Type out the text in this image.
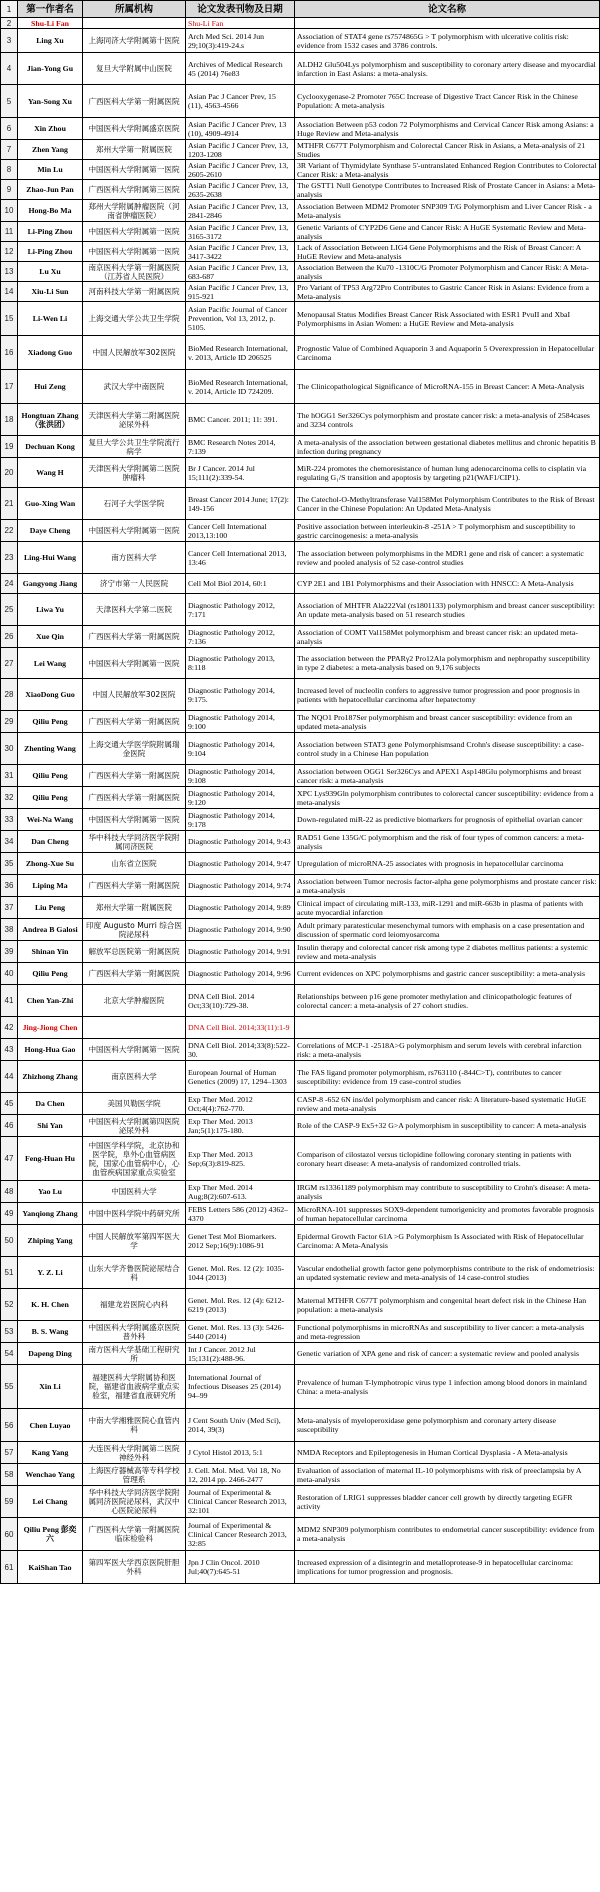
1	第一作者名	所属机构	论文发表刊物及日期	论文名称
2	Shu-Li Fan		Shu-Li Fan	
3	Ling Xu	上海同济大学附属第十医院	Arch Med Sci. 2014 Jun 29;10(3):419-24.s	Association of STAT4 gene rs7574865G > T polymorphism with ulcerative colitis risk: evidence from 1532 cases and 3786 controls.
4	Jian-Yong Gu	复旦大学附属中山医院	Archives of Medical Research 45 (2014) 76e83	ALDH2 Glu504Lys polymorphism and susceptibility to coronary artery disease and myocardial infarction in East Asians: a meta-analysis.
5	Yan-Song Xu	广西医科大学第一附属医院	Asian Pac J Cancer Prev, 15 (11), 4563-4566	Cyclooxygenase-2 Promoter 765C Increase of Digestive Tract Cancer Risk in the Chinese Population: A meta-analysis
6	Xin Zhou	中国医科大学附属盛京医院	Asian Pacific J Cancer Prev, 13 (10), 4909-4914	Association Between p53 codon 72 Polymorphisms and Cervical Cancer Risk among Asians: a Huge Review and Meta-analysis
7	Zhen Yang	郑州大学第一附属医院	Asian Pacific J Cancer Prev, 13, 1203-1208	MTHFR C677T Polymorphism and Colorectal Cancer Risk in Asians, a Meta-analysis of 21 Studies
8	Min Lu	中国医科大学附属第一医院	Asian Pacific J Cancer Prev, 13, 2605-2610	3R Variant of Thymidylate Synthase 5'-untranslated Enhanced Region Contributes to Colorectal Cancer Risk: a Meta-analysis
9	Zhao-Jun Pan	广西医科大学附属第三医院	Asian Pacific J Cancer Prev, 13, 2635-2638	The GSTT1 Null Genotype Contributes to Increased Risk of Prostate Cancer in Asians: a Meta-analysis
10	Hong-Bo Ma	郑州大学附属肿瘤医院（河南省肿瘤医院）	Asian Pacific J Cancer Prev, 13, 2841-2846	Association Between MDM2 Promoter SNP309 T/G Polymorphism and Liver Cancer Risk - a Meta-analysis
11	Li-Ping Zhou	中国医科大学附属第一医院	Asian Pacific J Cancer Prev, 13, 3165-3172	Genetic Variants of CYP2D6 Gene and Cancer Risk: A HuGE Systematic Review and Meta-analysis
12	Li-Ping Zhou	中国医科大学附属第一医院	Asian Pacific J Cancer Prev, 13, 3417-3422	Lack of Association Between LIG4 Gene Polymorphisms and the Risk of Breast Cancer: A HuGE Review and Meta-analysis
13	Lu Xu	南京医科大学第一附属医院（江苏省人民医院）	Asian Pacific J Cancer Prev, 13, 683-687	Association Between the Ku70 -1310C/G Promoter Polymorphism and Cancer Risk: A Meta-analysis
14	Xiu-Li Sun	河南科技大学第一附属医院	Asian Pacific J Cancer Prev, 13, 915-921	Pro Variant of TP53 Arg72Pro Contributes to Gastric Cancer Risk in Asians: Evidence from a Meta-analysis
15	Li-Wen Li	上海交通大学公共卫生学院	Asian Pacific Journal of Cancer Prevention, Vol 13, 2012, p. 5105.	Menopausal Status Modifies Breast Cancer Risk Associated with ESR1 PvuII and XbaI Polymorphisms in Asian Women: a HuGE Review and Meta-analysis
16	Xiadong Guo	中国人民解放军302医院	BioMed Research International, v. 2013, Article ID 206525	Prognostic Value of Combined Aquaporin 3 and Aquaporin 5 Overexpression in Hepatocellular Carcinoma
17	Hui Zeng	武汉大学中南医院	BioMed Research International, v. 2014, Article ID 724209.	The Clinicopathological Significance of MicroRNA-155 in Breast Cancer: A Meta-Analysis
18	Hongtuan Zhang（张洪团）	天津医科大学第二附属医院泌尿外科	BMC Cancer. 2011; 11: 391.	The hOGG1 Ser326Cys polymorphism and prostate cancer risk: a meta-analysis of 2584cases and 3234 controls
19	Dechuan Kong	复旦大学公共卫生学院流行病学	BMC Research Notes 2014, 7:139	A meta-analysis of the association between gestational diabetes mellitus and chronic hepatitis B infection during pregnancy
20	Wang H	天津医科大学附属第二医院肿瘤科	Br J Cancer. 2014 Jul 15;111(2):339-54.	MiR-224 promotes the chemoresistance of human lung adenocarcinoma cells to cisplatin via regulating G₁/S transition and apoptosis by targeting p21(WAF1/CIP1).
21	Guo-Xing Wan	石河子大学医学院	Breast Cancer 2014 June; 17(2): 149-156	The Catechol-O-Methyltransferase Val158Met Polymorphism Contributes to the Risk of Breast Cancer in the Chinese Population: An Updated Meta-Analysis
22	Daye Cheng	中国医科大学附属第一医院	Cancer Cell International 2013,13:100	Positive association between interleukin-8 -251A > T polymorphism and susceptibility to gastric carcinogenesis: a meta-analysis
23	Ling-Hui Wang	南方医科大学	Cancer Cell International 2013, 13:46	The association between polymorphisms in the MDR1 gene and risk of cancer: a systematic review and pooled analysis of 52 case-control studies
24	Gangyong Jiang	济宁市第一人民医院	Cell Mol Biol 2014, 60:1	CYP 2E1 and 1B1 Polymorphisms and their Association with HNSCC: A Meta-Analysis
25	Liwa Yu	天津医科大学第二医院	Diagnostic Pathology 2012, 7:171	Association of MHTFR Ala222Val (rs1801133) polymorphism and breast cancer susceptibility: An update meta-analysis based on 51 research studies
26	Xue Qin	广西医科大学第一附属医院	Diagnostic Pathology 2012, 7:136	Association of COMT Val158Met polymorphism and breast cancer risk: an updated meta-analysis
27	Lei Wang	中国医科大学附属第一医院	Diagnostic Pathology 2013, 8:118	The association between the PPARγ2 Pro12Ala polymorphism and nephropathy susceptibility in type 2 diabetes: a meta-analysis based on 9,176 subjects
28	XiaoDong Guo	中国人民解放军302医院	Diagnostic Pathology 2014, 9:175.	Increased level of nucleolin confers to aggressive tumor progression and poor prognosis in patients with hepatocellular carcinoma after hepatectomy
29	Qiliu Peng	广西医科大学第一附属医院	Diagnostic Pathology 2014, 9:100	The NQO1 Pro187Ser polymorphism and breast cancer susceptibility: evidence from an updated meta-analysis
30	Zhenting Wang	上海交通大学医学院附属瑞金医院	Diagnostic Pathology 2014, 9:104	Association between STAT3 gene Polymorphismsand Crohn's disease susceptibility: a case-control study in a Chinese Han population
31	Qiliu Peng	广西医科大学第一附属医院	Diagnostic Pathology 2014, 9:108	Association between OGG1 Ser326Cys and APEX1 Asp148Glu polymorphisms and breast cancer risk: a meta-analysis
32	Qiliu Peng	广西医科大学第一附属医院	Diagnostic Pathology 2014, 9:120	XPC Lys939Gln polymorphism contributes to colorectal cancer susceptibility: evidence from a meta-analysis
33	Wei-Na Wang	中国医科大学附属第一医院	Diagnostic Pathology 2014, 9:178	Down-regulated miR-22 as predictive biomarkers for prognosis of epithelial ovarian cancer
34	Dan Cheng	华中科技大学同济医学院附属同济医院	Diagnostic Pathology 2014, 9:43	RAD51 Gene 135G/C polymorphism and the risk of four types of common cancers: a meta-analysis
35	Zhong-Xue Su	山东省立医院	Diagnostic Pathology 2014, 9:47	Upregulation of microRNA-25 associates with prognosis in hepatocellular carcinoma
36	Liping Ma	广西医科大学第一附属医院	Diagnostic Pathology 2014, 9:74	Association between Tumor necrosis factor-alpha gene polymorphisms and prostate cancer risk: a meta-analysis
37	Liu Peng	郑州大学第一附属医院	Diagnostic Pathology 2014, 9:89	Clinical impact of circulating miR-133, miR-1291 and miR-663b in plasma of patients with acute myocardial infarction
38	Andrea B Galosi	印度 Augusto Murri 综合医院泌尿科	Diagnostic Pathology 2014, 9:90	Adult primary paratesticular mesenchymal tumors with emphasis on a case presentation and discussion of spermatic cord leiomyosarcoma
39	Shinan Yin	解放军总医院第一附属医院	Diagnostic Pathology 2014, 9:91	Insulin therapy and colorectal cancer risk among type 2 diabetes mellitus patients: a systemic review and meta-analysis
40	Qiliu Peng	广西医科大学第一附属医院	Diagnostic Pathology 2014, 9:96	Current evidences on XPC polymorphisms and gastric cancer susceptibility: a meta-analysis
41	Chen Yan-Zhi	北京大学肿瘤医院	DNA Cell Biol. 2014 Oct;33(10):729-38.	Relationships between p16 gene promoter methylation and clinicopathologic features of colorectal cancer: a meta-analysis of 27 cohort studies.
42	Jing-Jiong Chen		DNA Cell Biol. 2014;33(11):1-9	
43	Hong-Hua Gao	中国医科大学附属第一医院	DNA Cell Biol. 2014;33(8):522-30.	Correlations of MCP-1 -2518A>G polymorphism and serum levels with cerebral infarction risk: a meta-analysis
44	Zhizhong Zhang	南京医科大学	European Journal of Human Genetics (2009) 17, 1294–1303	The FAS ligand promoter polymorphism, rs763110 (-844C>T), contributes to cancer susceptibility: evidence from 19 case-control studies
45	Da Chen	美国贝勒医学院	Exp Ther Med. 2012 Oct;4(4):762-770.	CASP-8 -652 6N ins/del polymorphism and cancer risk: A literature-based systematic HuGE review and meta-analysis
46	Shi Yan	中国医科大学附属第四医院泌尿外科	Exp Ther Med. 2013 Jan;5(1):175-180.	Role of the CASP-9 Ex5+32 G>A polymorphism in susceptibility to cancer: A meta-analysis
47	Feng-Huan Hu	中国医学科学院，北京协和医学院，阜外心血管病医院，国家心血管病中心，心血管疾病国家重点实验室	Exp Ther Med. 2013 Sep;6(3):819-825.	Comparison of cilostazol versus ticlopidine following coronary stenting in patients with coronary heart disease: A meta-analysis of randomized controlled trials.
48	Yao Lu	中国医科大学	Exp Ther Med. 2014 Aug;8(2):607-613.	IRGM rs13361189 polymorphism may contribute to susceptibility to Crohn's disease: A meta-analysis
49	Yanqiong Zhang	中国中医科学院中药研究所	FEBS Letters 586 (2012) 4362–4370	MicroRNA-101 suppresses SOX9-dependent tumorigenicity and promotes favorable prognosis of human hepatocellular carcinoma
50	Zhiping Yang	中国人民解放军第四军医大学	Genet Test Mol Biomarkers. 2012 Sep;16(9):1086-91	Epidermal Growth Factor 61A >G Polymorphism Is Associated with Risk of Hepatocellular Carcinoma: A Meta-Analysis
51	Y. Z. Li	山东大学齐鲁医院泌尿结合科	Genet. Mol. Res. 12 (2): 1035-1044 (2013)	Vascular endothelial growth factor gene polymorphisms contribute to the risk of endometriosis: an updated systematic review and meta-analysis of 14 case-control studies
52	K. H. Chen	福建龙岩医院心内科	Genet. Mol. Res. 12 (4): 6212-6219 (2013)	Maternal MTHFR C677T polymorphism and congenital heart defect risk in the Chinese Han population: a meta-analysis
53	B. S. Wang	中国医科大学附属盛京医院普外科	Genet. Mol. Res. 13 (3): 5426-5440 (2014)	Functional polymorphisms in microRNAs and susceptibility to liver cancer: a meta-analysis and meta-regression
54	Dapeng Ding	南方医科大学基础工程研究所	Int J Cancer. 2012 Jul 15;131(2):488-96.	Genetic variation of XPA gene and risk of cancer: a systematic review and pooled analysis
55	Xin Li	福建医科大学附属协和医院，福建省血液病学重点实验室，福建省血液研究所	International Journal of Infectious Diseases 25 (2014) 94–99	Prevalence of human T-lymphotropic virus type 1 infection among blood donors in mainland China: a meta-analysis
56	Chen Luyao	中南大学湘雅医院心血管内科	J Cent South Univ (Med Sci), 2014, 39(3)	Meta-analysis of myeloperoxidase gene polymorphism and coronary artery disease susceptibility
57	Kang Yang	大连医科大学附属第二医院神经外科	J Cytol Histol 2013, 5:1	NMDA Receptors and Epileptogenesis in Human Cortical Dysplasia - A Meta-analysis
58	Wenchao Yang	上海医疗器械高等专科学校管理系	J. Cell. Mol. Med. Vol 18, No 12, 2014 pp. 2466-2477	Evaluation of association of maternal IL-10 polymorphisms with risk of preeclampsia by A meta-analysis
59	Lei Chang	华中科技大学同济医学院附属同济医院泌尿科，武汉中心医院泌尿科	Journal of Experimental & Clinical Cancer Research 2013, 32:101	Restoration of LRIG1 suppresses bladder cancer cell growth by directly targeting EGFR activity
60	Qiliu Peng 彭奕六	广西医科大学第一附属医院临床检验科	Journal of Experimental & Clinical Cancer Research 2013, 32:85	MDM2 SNP309 polymorphism contributes to endometrial cancer susceptibility: evidence from a meta-analysis
61	KaiShan Tao	第四军医大学西京医院肝胆外科	Jpn J Clin Oncol. 2010 Jul;40(7):645-51	Increased expression of a disintegrin and metalloprotease-9 in hepatocellular carcinoma: implications for tumor progression and prognosis.
